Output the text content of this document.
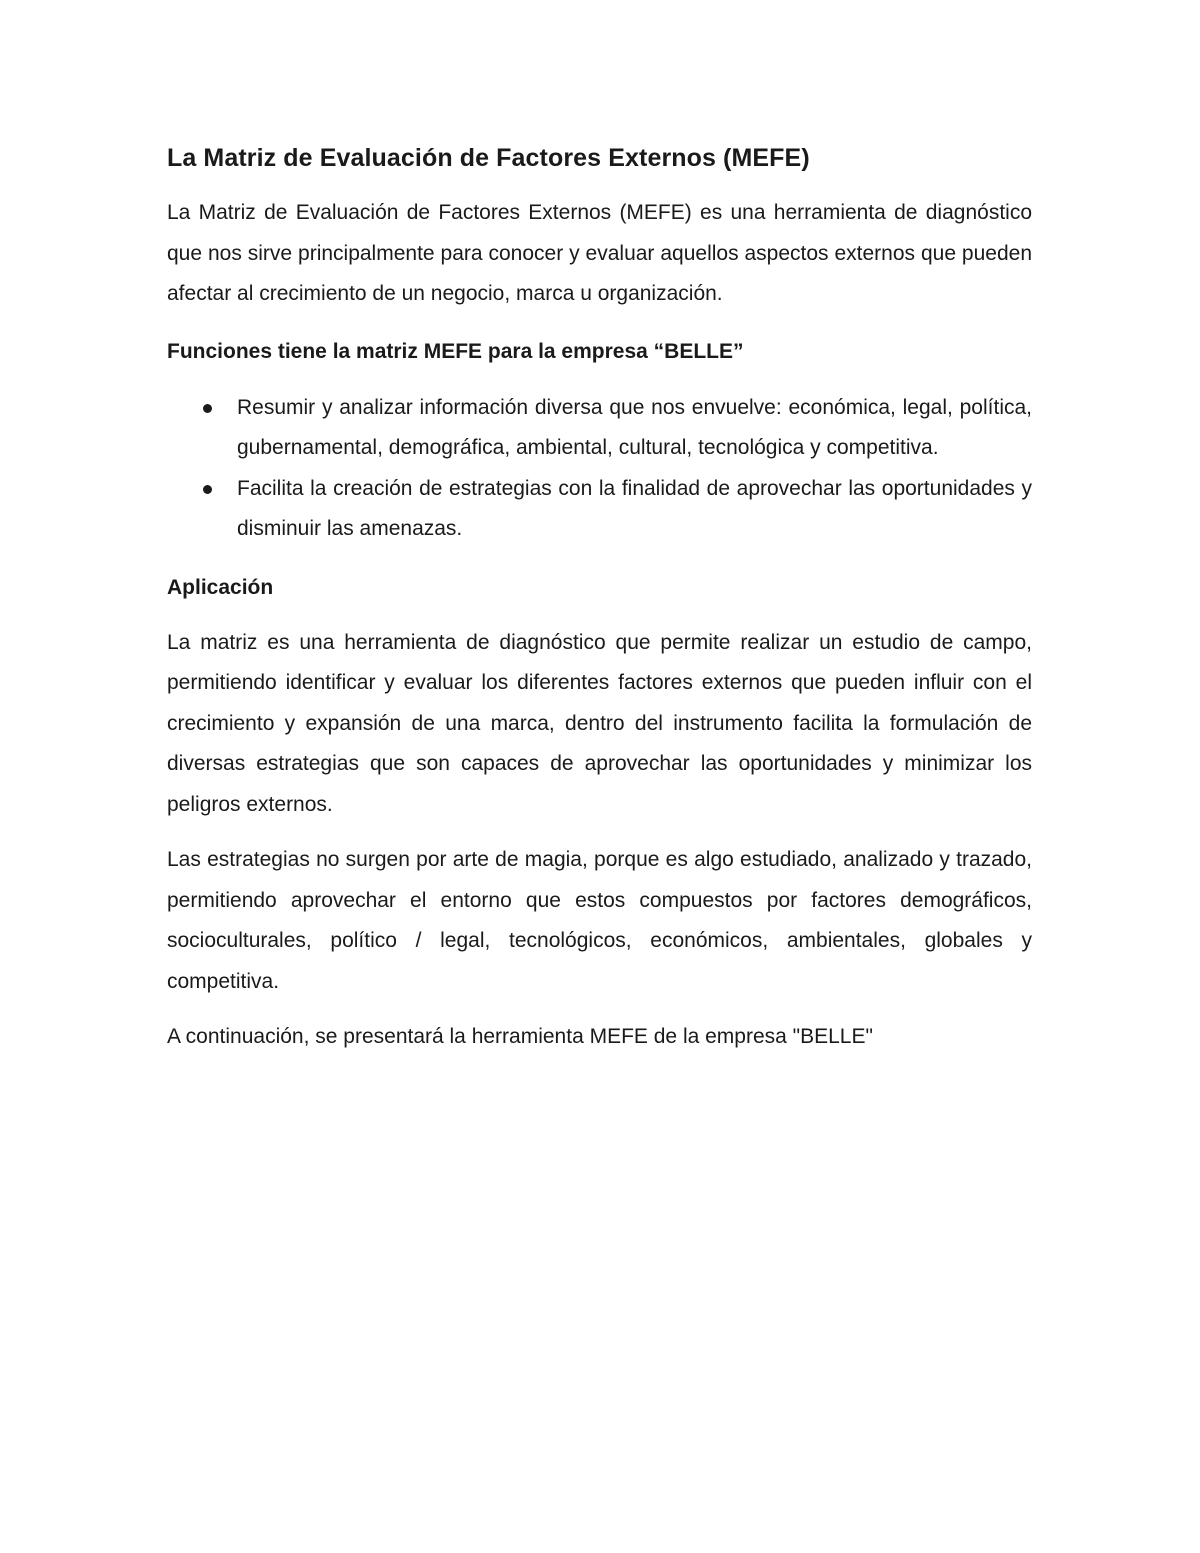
La Matriz de Evaluación de Factores Externos (MEFE)

La Matriz de Evaluación de Factores Externos (MEFE) es una herramienta de diagnóstico que nos sirve principalmente para conocer y evaluar aquellos aspectos externos que pueden afectar al crecimiento de un negocio, marca u organización.

Funciones tiene la matriz MEFE para la empresa “BELLE”

Resumir y analizar información diversa que nos envuelve: económica, legal, política, gubernamental, demográfica, ambiental, cultural, tecnológica y competitiva.
Facilita la creación de estrategias con la finalidad de aprovechar las oportunidades y disminuir las amenazas.

Aplicación

La matriz es una herramienta de diagnóstico que permite realizar un estudio de campo, permitiendo identificar y evaluar los diferentes factores externos que pueden influir con el crecimiento y expansión de una marca, dentro del instrumento facilita la formulación de diversas estrategias que son capaces de aprovechar las oportunidades y minimizar los peligros externos.

Las estrategias no surgen por arte de magia, porque es algo estudiado, analizado y trazado, permitiendo aprovechar el entorno que estos compuestos por factores demográficos, socioculturales, político / legal, tecnológicos, económicos, ambientales, globales y competitiva.

A continuación, se presentará la herramienta MEFE de la empresa "BELLE"
